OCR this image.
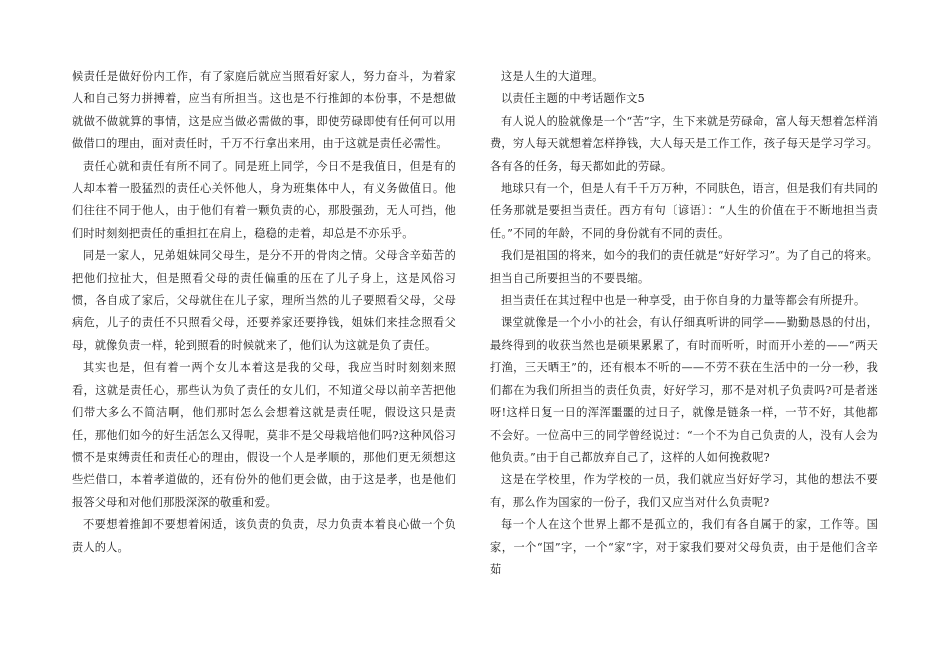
候责任是做好份内工作，有了家庭后就应当照看好家人，努力奋斗，为着家人和自己努力拼搏着，应当有所担当。这也是不行推卸的本份事，不是想做就做不做就算的事情，这是应当做必需做的事，即使劳碌即使有任何可以用做借口的理由，面对责任时，千万不行拿出来用，由于这就是责任必需性。

责任心就和责任有所不同了。同是班上同学，今日不是我值日，但是有的人却本着一股猛烈的责任心关怀他人，身为班集体中人，有义务做值日。他们往往不同于他人，由于他们有着一颗负责的心，那股强劲，无人可挡，他们时时刻刻把责任的重担扛在肩上，稳稳的走着，却总是不亦乐乎。

同是一家人，兄弟姐妹同父母生，是分不开的骨肉之情。父母含辛茹苦的把他们拉扯大，但是照看父母的责任偏重的压在了儿子身上，这是风俗习惯，各自成了家后，父母就住在儿子家，理所当然的儿子要照看父母，父母病危，儿子的责任不只照看父母，还要养家还要挣钱，姐妹们来挂念照看父母，就像负责一样，轮到照看的时候就来了，他们认为这就是负了责任。

其实也是，但有着一两个女儿本着这是我的父母，我应当时时刻刻来照看，这就是责任心，那些认为负了责任的女儿们，不知道父母以前辛苦把他们带大多么不简洁啊，他们那时怎么会想着这就是责任呢，假设这只是责任，那他们如今的好生活怎么又得呢，莫非不是父母栽培他们吗?这种风俗习惯不是束缚责任和责任心的理由，假设一个人是孝顺的，那他们更无须想这些烂借口，本着孝道做的，还有份外的他们更会做，由于这是孝，也是他们报答父母和对他们那股深深的敬重和爱。

不要想着推卸不要想着闲适，该负责的负责，尽力负责本着良心做一个负责人的人。

这是人生的大道理。

以责任主题的中考话题作文5

有人说人的脸就像是一个“苦”字，生下来就是劳碌命，富人每天想着怎样消费，穷人每天就想着怎样挣钱，大人每天是工作工作，孩子每天是学习学习。各有各的任务，每天都如此的劳碌。

地球只有一个，但是人有千千万万种，不同肤色，语言，但是我们有共同的任务那就是要担当责任。西方有句〔谚语〕：“人生的价值在于不断地担当责任。”不同的年龄，不同的身份就有不同的责任。

我们是祖国的将来，如今的我们的责任就是“好好学习”。为了自己的将来。担当自己所要担当的不要畏缩。

担当责任在其过程中也是一种享受，由于你自身的力量等都会有所提升。

课堂就像是一个小小的社会，有认仔细真听讲的同学——勤勤恳恳的付出，最终得到的收获当然也是硕果累累了，有时而听听，时而开小差的——“两天打渔，三天晒王”的，还有根本不听的——不劳不获在生活中的一分一秒，我们都在为我们所担当的责任负责，好好学习，那不是对机子负责吗?可是者迷呀!这样日复一日的浑浑噩噩的过日子，就像是链条一样，一节不好，其他都不会好。一位高中三的同学曾经说过：“一个不为自己负责的人，没有人会为他负责。”由于自己都放弃自己了，这样的人如何挽救呢?

这是在学校里，作为学校的一员，我们就应当好好学习，其他的想法不要有，那么作为国家的一份子，我们又应当对什么负责呢?

每一个人在这个世界上都不是孤立的，我们有各自属于的家，工作等。国家，一个“国”字，一个“家”字，对于家我们要对父母负责，由于是他们含辛茹
